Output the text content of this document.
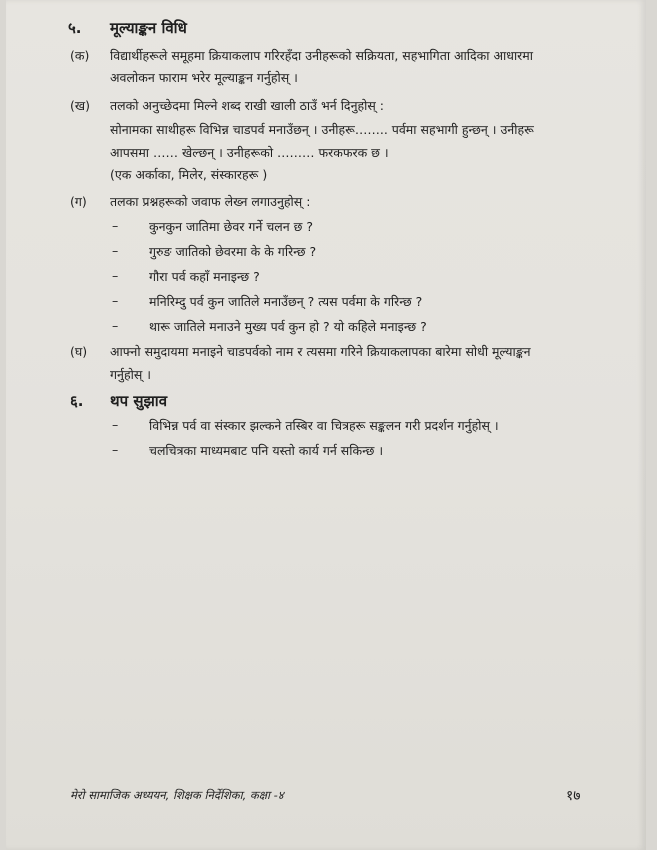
५. मूल्याङ्कन विधि
(क) विद्यार्थीहरूले समूहमा क्रियाकलाप गरिरहँदा उनीहरूको सक्रियता, सहभागिता आदिका आधारमा
अवलोकन फाराम भरेर मूल्याङ्कन गर्नुहोस् ।
(ख) तलको अनुच्छेदमा मिल्ने शब्द राखी खाली ठाउँ भर्न दिनुहोस् :
सोनामका साथीहरू विभिन्न चाडपर्व मनाउँछन् । उनीहरू…….. पर्वमा सहभागी हुन्छन् । उनीहरू
आपसमा …… खेल्छन् । उनीहरूको ……… फरकफरक छ ।
(एक अर्काका, मिलेर, संस्कारहरू )
(ग) तलका प्रश्नहरूको जवाफ लेख्न लगाउनुहोस् :
– कुनकुन जातिमा छेवर गर्ने चलन छ ?
– गुरुङ जातिको छेवरमा के के गरिन्छ ?
– गौरा पर्व कहाँ मनाइन्छ ?
– मनिरिम्दु पर्व कुन जातिले मनाउँछन् ? त्यस पर्वमा के गरिन्छ ?
– थारू जातिले मनाउने मुख्य पर्व कुन हो ? यो कहिले मनाइन्छ ?
(घ) आफ्नो समुदायमा मनाइने चाडपर्वको नाम र त्यसमा गरिने क्रियाकलापका बारेमा सोधी मूल्याङ्कन
गर्नुहोस् ।
६. थप सुझाव
– विभिन्न पर्व वा संस्कार झल्कने तस्बिर वा चित्रहरू सङ्कलन गरी प्रदर्शन गर्नुहोस् ।
– चलचित्रका माध्यमबाट पनि यस्तो कार्य गर्न सकिन्छ ।
मेरो सामाजिक अध्ययन, शिक्षक निर्देशिका, कक्षा -४	१७
